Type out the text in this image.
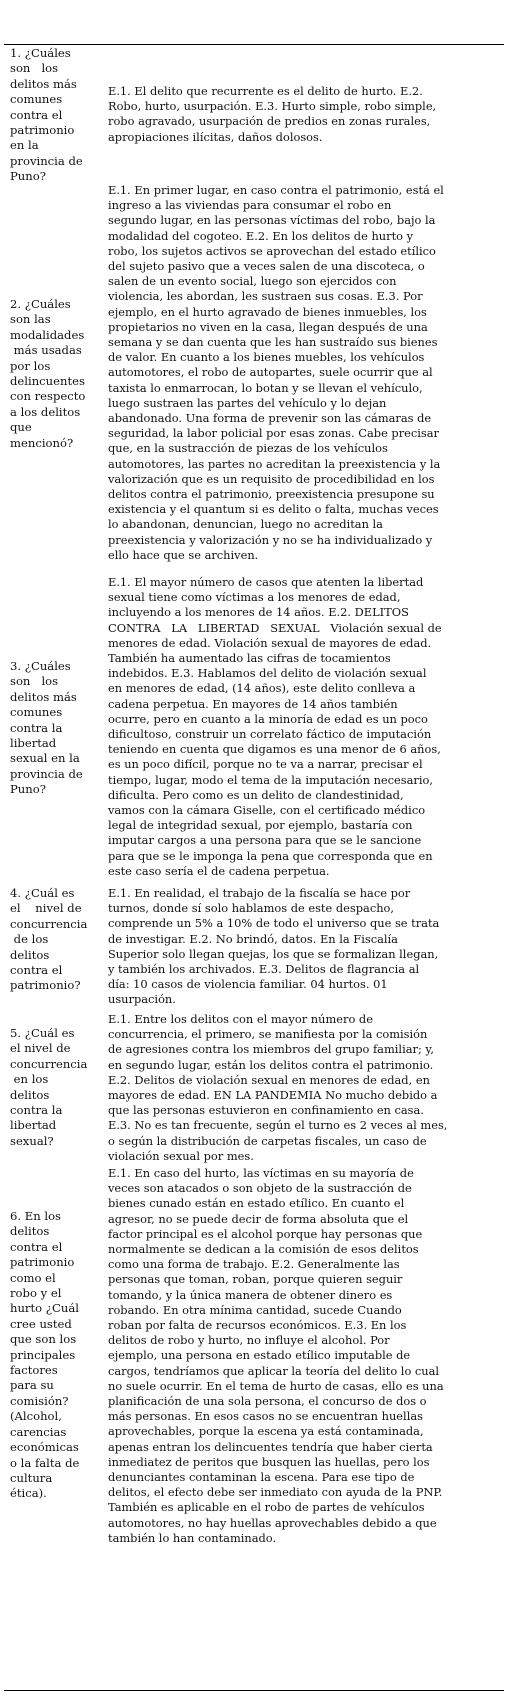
1. ¿Cuáles
son   los
delitos más
comunes
contra el
patrimonio
en la
provincia de
Puno?

E.1. El delito que recurrente es el delito de hurto. E.2.
Robo, hurto, usurpación. E.3. Hurto simple, robo simple,
robo agravado, usurpación de predios en zonas rurales,
apropiaciones ilícitas, daños dolosos.

2. ¿Cuáles
son las
modalidades
más usadas
por los
delincuentes
con respecto
a los delitos
que
mencionó?

E.1. En primer lugar, en caso contra el patrimonio, está el
ingreso a las viviendas para consumar el robo en
segundo lugar, en las personas víctimas del robo, bajo la
modalidad del cogoteo. E.2. En los delitos de hurto y
robo, los sujetos activos se aprovechan del estado etílico
del sujeto pasivo que a veces salen de una discoteca, o
salen de un evento social, luego son ejercidos con
violencia, les abordan, les sustraen sus cosas. E.3. Por
ejemplo, en el hurto agravado de bienes inmuebles, los
propietarios no viven en la casa, llegan después de una
semana y se dan cuenta que les han sustraído sus bienes
de valor. En cuanto a los bienes muebles, los vehículos
automotores, el robo de autopartes, suele ocurrir que al
taxista lo enmarrocan, lo botan y se llevan el vehículo,
luego sustraen las partes del vehículo y lo dejan
abandonado. Una forma de prevenir son las cámaras de
seguridad, la labor policial por esas zonas. Cabe precisar
que, en la sustracción de piezas de los vehículos
automotores, las partes no acreditan la preexistencia y la
valorización que es un requisito de procedibilidad en los
delitos contra el patrimonio, preexistencia presupone su
existencia y el quantum si es delito o falta, muchas veces
lo abandonan, denuncian, luego no acreditan la
preexistencia y valorización y no se ha individualizado y
ello hace que se archiven.

3. ¿Cuáles
son   los
delitos más
comunes
contra la
libertad
sexual en la
provincia de
Puno?

E.1. El mayor número de casos que atenten la libertad
sexual tiene como víctimas a los menores de edad,
incluyendo a los menores de 14 años. E.2. DELITOS
CONTRA   LA   LIBERTAD   SEXUAL   Violación sexual de
menores de edad. Violación sexual de mayores de edad.
También ha aumentado las cifras de tocamientos
indebidos. E.3. Hablamos del delito de violación sexual
en menores de edad, (14 años), este delito conlleva a
cadena perpetua. En mayores de 14 años también
ocurre, pero en cuanto a la minoría de edad es un poco
dificultoso, construir un correlato fáctico de imputación
teniendo en cuenta que digamos es una menor de 6 años,
es un poco difícil, porque no te va a narrar, precisar el
tiempo, lugar, modo el tema de la imputación necesario,
dificulta. Pero como es un delito de clandestinidad,
vamos con la cámara Giselle, con el certificado médico
legal de integridad sexual, por ejemplo, bastaría con
imputar cargos a una persona para que se le sancione
para que se le imponga la pena que corresponda que en
este caso sería el de cadena perpetua.

4. ¿Cuál es
el    nivel de
concurrencia
de los
delitos
contra el
patrimonio?

E.1. En realidad, el trabajo de la fiscalía se hace por
turnos, donde sí solo hablamos de este despacho,
comprende un 5% a 10% de todo el universo que se trata
de investigar. E.2. No brindó, datos. En la Fiscalía
Superior solo llegan quejas, los que se formalizan llegan,
y también los archivados. E.3. Delitos de flagrancia al
día: 10 casos de violencia familiar. 04 hurtos. 01
usurpación.

5. ¿Cuál es
el nivel de
concurrencia
en los
delitos
contra la
libertad
sexual?

E.1. Entre los delitos con el mayor número de
concurrencia, el primero, se manifiesta por la comisión
de agresiones contra los miembros del grupo familiar; y,
en segundo lugar, están los delitos contra el patrimonio.
E.2. Delitos de violación sexual en menores de edad, en
mayores de edad. EN LA PANDEMIA No mucho debido a
que las personas estuvieron en confinamiento en casa.
E.3. No es tan frecuente, según el turno es 2 veces al mes,
o según la distribución de carpetas fiscales, un caso de
violación sexual por mes.

6. En los
delitos
contra el
patrimonio
como el
robo y el
hurto ¿Cuál
cree usted
que son los
principales
factores
para su
comisión?
(Alcohol,
carencias
económicas
o la falta de
cultura
ética).

E.1. En caso del hurto, las víctimas en su mayoría de
veces son atacados o son objeto de la sustracción de
bienes cunado están en estado etílico. En cuanto el
agresor, no se puede decir de forma absoluta que el
factor principal es el alcohol porque hay personas que
normalmente se dedican a la comisión de esos delitos
como una forma de trabajo. E.2. Generalmente las
personas que toman, roban, porque quieren seguir
tomando, y la única manera de obtener dinero es
robando. En otra mínima cantidad, sucede Cuando
roban por falta de recursos económicos. E.3. En los
delitos de robo y hurto, no influye el alcohol. Por
ejemplo, una persona en estado etílico imputable de
cargos, tendríamos que aplicar la teoría del delito lo cual
no suele ocurrir. En el tema de hurto de casas, ello es una
planificación de una sola persona, el concurso de dos o
más personas. En esos casos no se encuentran huellas
aprovechables, porque la escena ya está contaminada,
apenas entran los delincuentes tendría que haber cierta
inmediatez de peritos que busquen las huellas, pero los
denunciantes contaminan la escena. Para ese tipo de
delitos, el efecto debe ser inmediato con ayuda de la PNP.
También es aplicable en el robo de partes de vehículos
automotores, no hay huellas aprovechables debido a que
también lo han contaminado.
